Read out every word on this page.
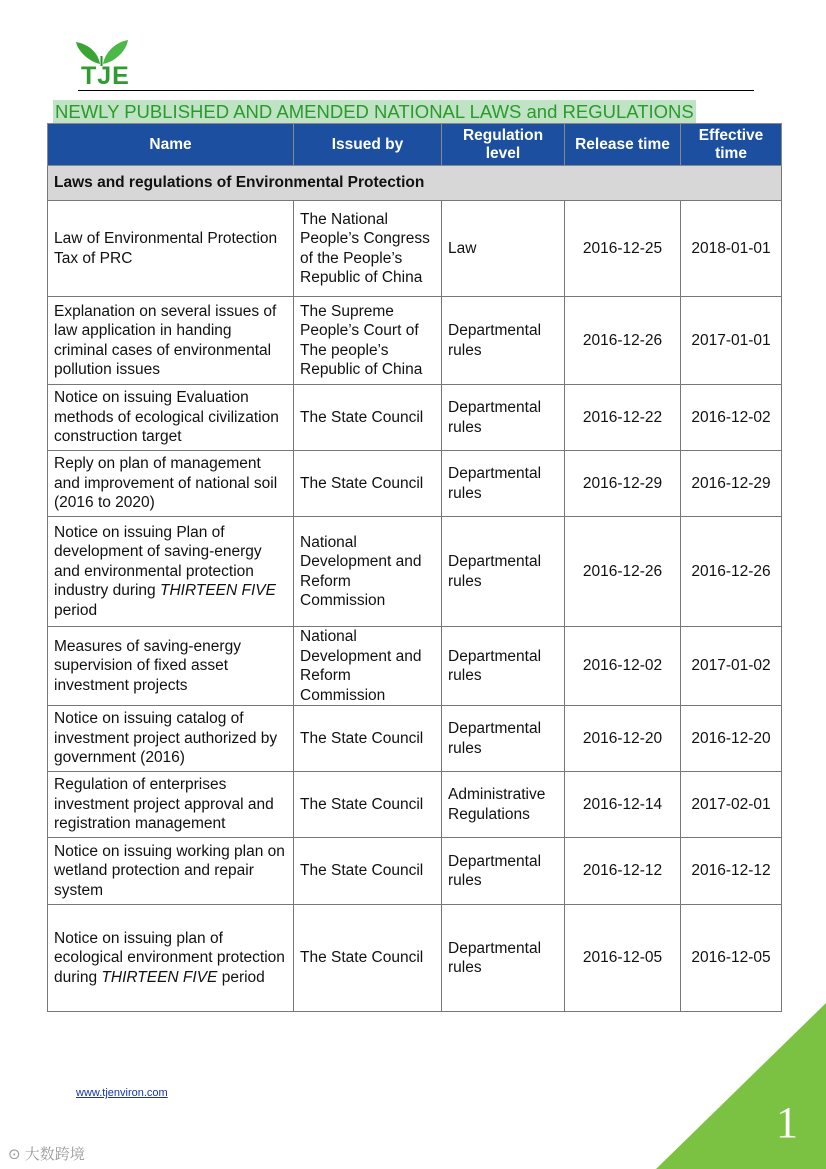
TJE
NEWLY PUBLISHED AND AMENDED NATIONAL LAWS and REGULATIONS
Name	Issued by	Regulation level	Release time	Effective time
Laws and regulations of Environmental Protection				
Law of Environmental Protection Tax of PRC	The National People’s Congress of the People’s Republic of China	Law	2016-12-25	2018-01-01
Explanation on several issues of law application in handing criminal cases of environmental pollution issues	The Supreme People’s Court of The people’s Republic of China	Departmental rules	2016-12-26	2017-01-01
Notice on issuing Evaluation methods of ecological civilization construction target	The State Council	Departmental rules	2016-12-22	2016-12-02
Reply on plan of management and improvement of national soil (2016 to 2020)	The State Council	Departmental rules	2016-12-29	2016-12-29
Notice on issuing Plan of development of saving-energy and environmental protection industry during THIRTEEN FIVE period	National Development and Reform Commission	Departmental rules	2016-12-26	2016-12-26
Measures of saving-energy supervision of fixed asset investment projects	National Development and Reform Commission	Departmental rules	2016-12-02	2017-01-02
Notice on issuing catalog of investment project authorized by government (2016)	The State Council	Departmental rules	2016-12-20	2016-12-20
Regulation of enterprises investment project approval and registration management	The State Council	Administrative Regulations	2016-12-14	2017-02-01
Notice on issuing working plan on wetland protection and repair system	The State Council	Departmental rules	2016-12-12	2016-12-12
Notice on issuing plan of ecological environment protection during THIRTEEN FIVE period	The State Council	Departmental rules	2016-12-05	2016-12-05
www.tjenviron.com
1
⊙ 大数跨境
